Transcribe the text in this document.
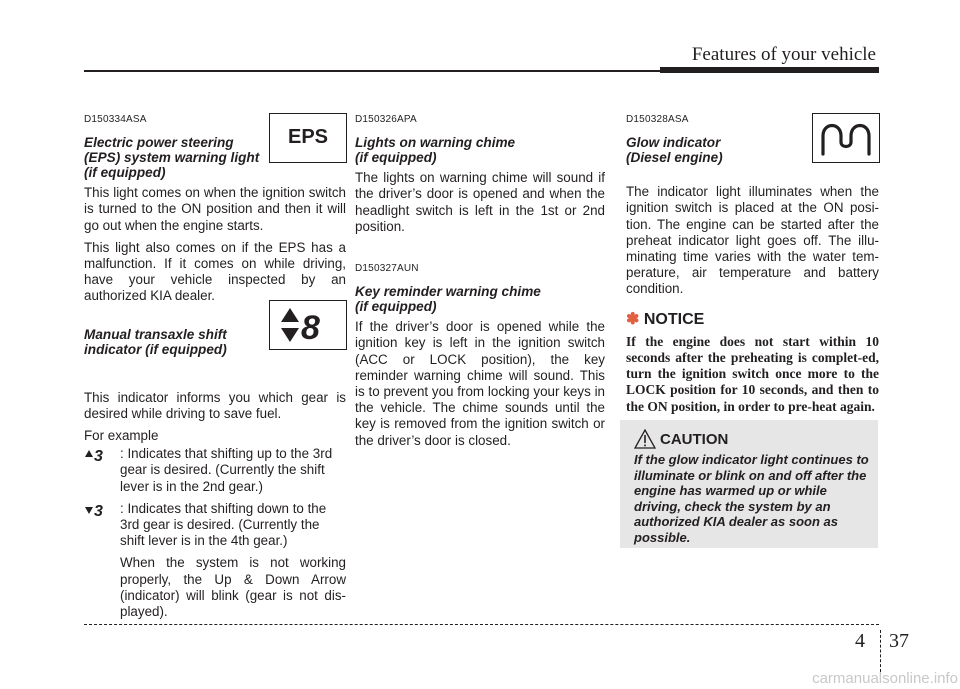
Features of your vehicle
D150334ASA
Electric power steering
(EPS) system warning light
(if equipped)

This light comes on when the ignition switch is turned to the ON position and then it will go out when the engine starts.

This light also comes on if the EPS has a malfunction. If it comes on while driving, have your vehicle inspected by an authorized KIA dealer.

Manual transaxle shift
indicator (if equipped)

This indicator informs you which gear is desired while driving to save fuel.

For example

3 : Indicates that shifting up to the 3rd gear is desired. (Currently the shift lever is in the 2nd gear.)
3 : Indicates that shifting down to the 3rd gear is desired. (Currently the shift lever is in the 4th gear.)

When the system is not working properly, the Up & Down Arrow (indicator) will blink (gear is not dis-played).

EPS
8
D150326APA
Lights on warning chime
(if equipped)

The lights on warning chime will sound if the driver’s door is opened and when the headlight switch is left in the 1st or 2nd position.

D150327AUN
Key reminder warning chime
(if equipped)

If the driver’s door is opened while the ignition key is left in the ignition switch (ACC or LOCK position), the key reminder warning chime will sound. This is to prevent you from locking your keys in the vehicle. The chime sounds until the key is removed from the ignition switch or the driver’s door is closed.

D150328ASA
Glow indicator
(Diesel engine)

The indicator light illuminates when the ignition switch is placed at the ON posi-tion. The engine can be started after the preheat indicator light goes off. The illu-minating time varies with the water tem-perature, air temperature and battery condition.

✽ NOTICE
If the engine does not start within 10 seconds after the preheating is complet-ed, turn the ignition switch once more to the LOCK position for 10 seconds, and then to the ON position, in order to pre-heat again.
CAUTION
If the glow indicator light continues to illuminate or blink on and off after the engine has warmed up or while driving, check the system by an authorized KIA dealer as soon as possible.
4 37
carmanualsonline.info
